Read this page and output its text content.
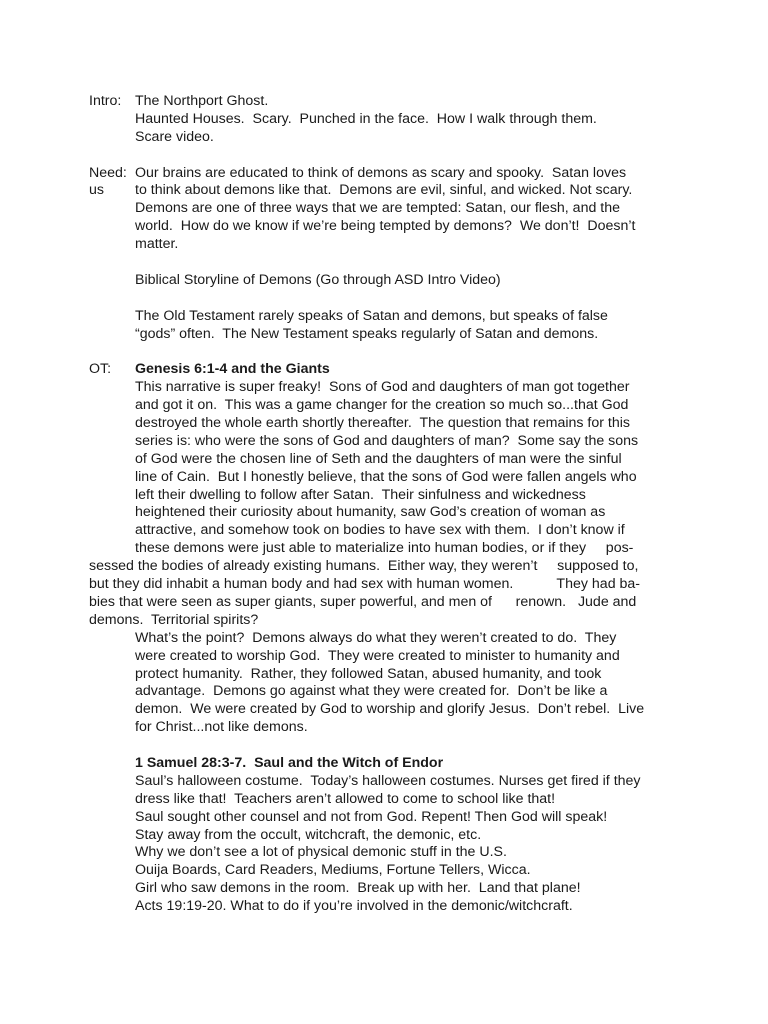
Intro: The Northport Ghost.
Haunted Houses.  Scary.  Punched in the face.  How I walk through them.
Scare video.
Need:
us
Our brains are educated to think of demons as scary and spooky.  Satan loves
to think about demons like that.  Demons are evil, sinful, and wicked. Not scary.
Demons are one of three ways that we are tempted: Satan, our flesh, and the
world.  How do we know if we’re being tempted by demons?  We don’t!  Doesn’t
matter.
Biblical Storyline of Demons (Go through ASD Intro Video)
The Old Testament rarely speaks of Satan and demons, but speaks of false
“gods” often.  The New Testament speaks regularly of Satan and demons.
OT:	Genesis 6:1-4 and the Giants
This narrative is super freaky!  Sons of God and daughters of man got together
and got it on.  This was a game changer for the creation so much so...that God
destroyed the whole earth shortly thereafter.  The question that remains for this
series is: who were the sons of God and daughters of man?  Some say the sons
of God were the chosen line of Seth and the daughters of man were the sinful
line of Cain.  But I honestly believe, that the sons of God were fallen angels who
left their dwelling to follow after Satan.  Their sinfulness and wickedness
heightened their curiosity about humanity, saw God’s creation of woman as
attractive, and somehow took on bodies to have sex with them.  I don’t know if
these demons were just able to materialize into human bodies, or if they     pos-
sessed the bodies of already existing humans.  Either way, they weren’t     supposed to,
but they did inhabit a human body and had sex with human women.           They had ba-
bies that were seen as super giants, super powerful, and men of      renown.   Jude and
demons.  Territorial spirits?
What’s the point?  Demons always do what they weren’t created to do.  They
were created to worship God.  They were created to minister to humanity and
protect humanity.  Rather, they followed Satan, abused humanity, and took
advantage.  Demons go against what they were created for.  Don’t be like a
demon.  We were created by God to worship and glorify Jesus.  Don’t rebel.  Live
for Christ...not like demons.
1 Samuel 28:3-7.  Saul and the Witch of Endor
Saul’s halloween costume.  Today’s halloween costumes. Nurses get fired if they
dress like that!  Teachers aren’t allowed to come to school like that!
Saul sought other counsel and not from God. Repent! Then God will speak!
Stay away from the occult, witchcraft, the demonic, etc.
Why we don’t see a lot of physical demonic stuff in the U.S.
Ouija Boards, Card Readers, Mediums, Fortune Tellers, Wicca.
Girl who saw demons in the room.  Break up with her.  Land that plane!
Acts 19:19-20. What to do if you’re involved in the demonic/witchcraft.
